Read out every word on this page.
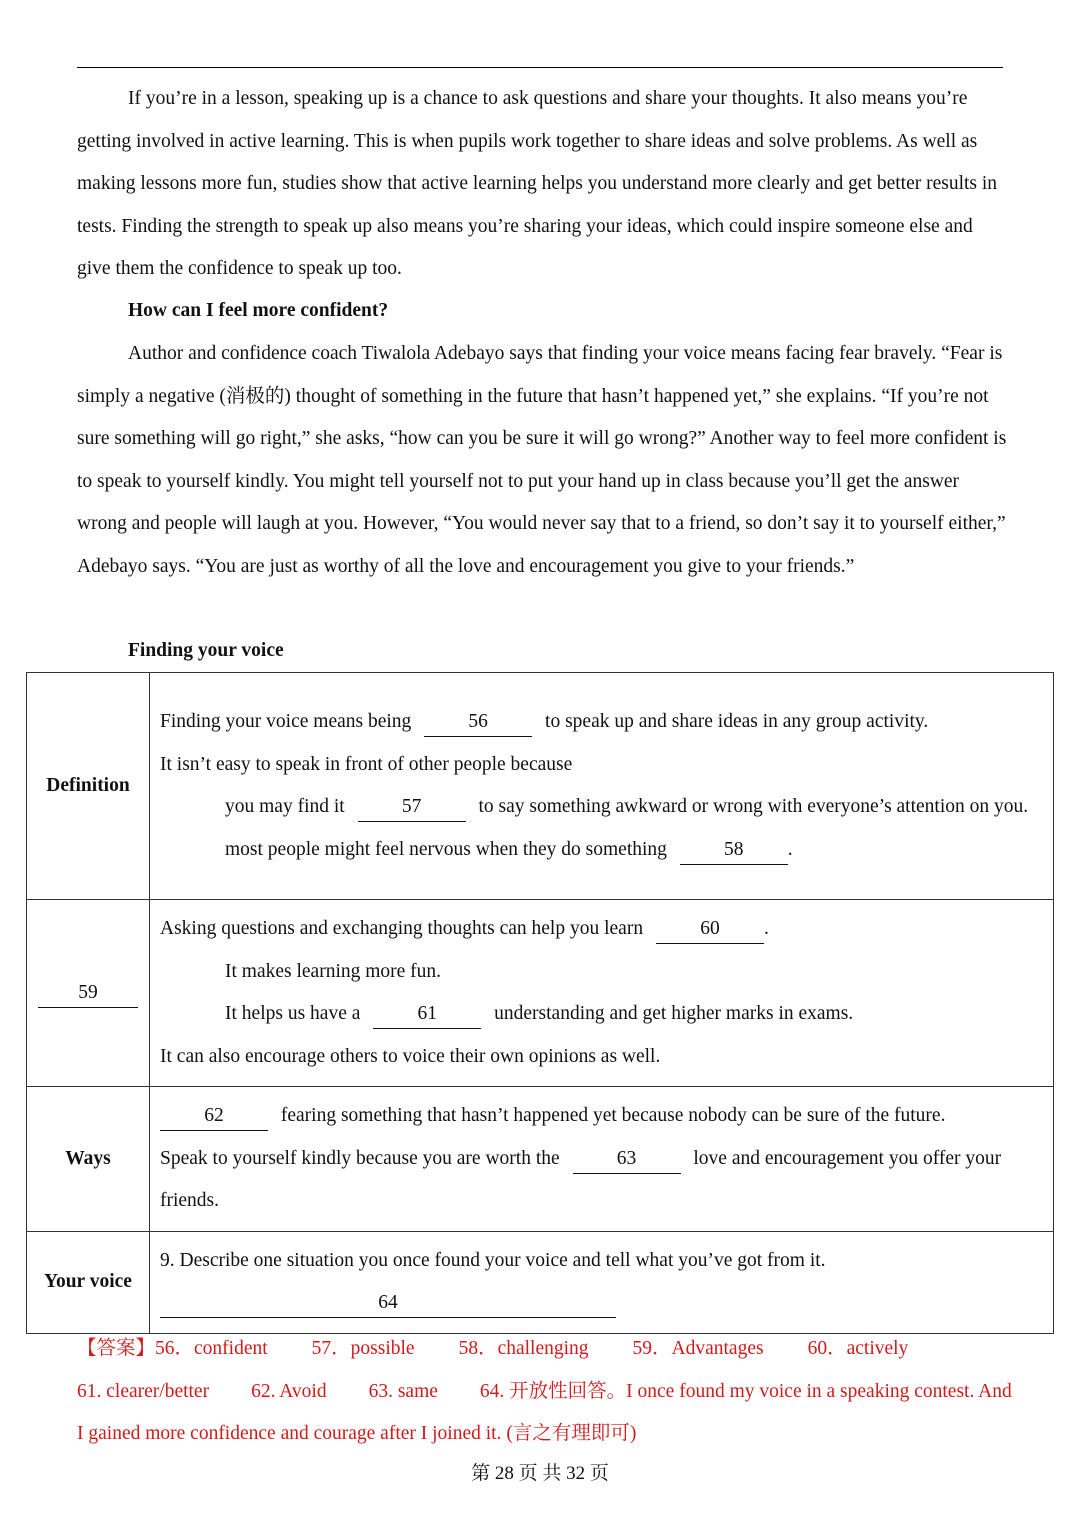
If you’re in a lesson, speaking up is a chance to ask questions and share your thoughts. It also means you’re getting involved in active learning. This is when pupils work together to share ideas and solve problems. As well as making lessons more fun, studies show that active learning helps you understand more clearly and get better results in tests. Finding the strength to speak up also means you’re sharing your ideas, which could inspire someone else and give them the confidence to speak up too.

How can I feel more confident?

Author and confidence coach Tiwalola Adebayo says that finding your voice means facing fear bravely. “Fear is simply a negative (消极的) thought of something in the future that hasn’t happened yet,” she explains. “If you’re not sure something will go right,” she asks, “how can you be sure it will go wrong?” Another way to feel more confident is to speak to yourself kindly. You might tell yourself not to put your hand up in class because you’ll get the answer wrong and people will laugh at you. However, “You would never say that to a friend, so don’t say it to yourself either,” Adebayo says. “You are just as worthy of all the love and encouragement you give to your friends.”

Finding your voice

Definition	Finding your voice means being 56 to speak up and share ideas in any group activity.
It isn’t easy to speak in front of other people because
you may find it 57 to say something awkward or wrong with everyone’s attention on you.
most people might feel nervous when they do something 58 .

59	Asking questions and exchanging thoughts can help you learn 60 .
It makes learning more fun.
It helps us have a 61 understanding and get higher marks in exams.
It can also encourage others to voice their own opinions as well.

Ways	62 fearing something that hasn’t happened yet because nobody can be sure of the future.
Speak to yourself kindly because you are worth the 63 love and encouragement you offer your friends.

Your voice	9. Describe one situation you once found your voice and tell what you’ve got from it.
64
【答案】56．confident 57．possible 58．challenging 59．Advantages 60．actively
61. clearer/better 62. Avoid 63. same 64. 开放性回答。I once found my voice in a speaking contest. And I gained more confidence and courage after I joined it. (言之有理即可)
第 28 页 共 32 页
